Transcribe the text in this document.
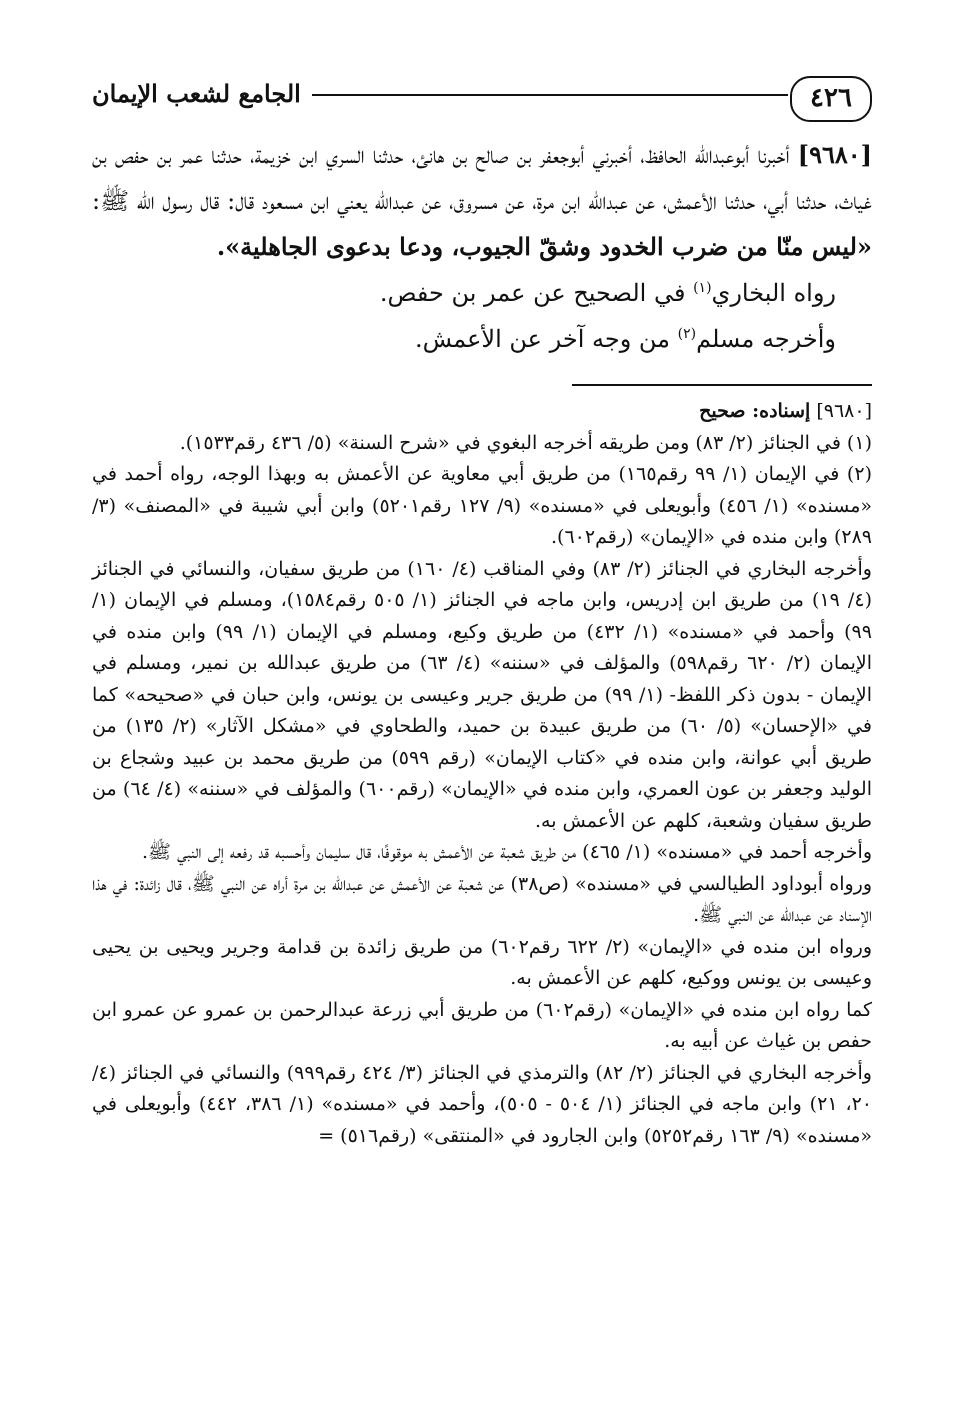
٤٢٦
الجامع لشعب الإيمان
[٩٦٨٠] أخبرنا أبوعبدالله الحافظ، أخبرني أبوجعفر بن صالح بن هانئ، حدثنا السري ابن خزيمة، حدثنا عمر بن حفص بن غياث، حدثنا أبي، حدثنا الأعمش، عن عبدالله ابن مرة، عن مسروق، عن عبدالله يعني ابن مسعود قال: قال رسول الله ﷺ: «ليس منّا من ضرب الخدود وشقّ الجيوب، ودعا بدعوى الجاهلية».

رواه البخاري$^{(١)}$ في الصحيح عن عمر بن حفص.

وأخرجه مسلم$^{(٢)}$ من وجه آخر عن الأعمش.

[٩٦٨٠] إسناده: صحيح

(١) في الجنائز (٢/ ٨٣) ومن طريقه أخرجه البغوي في «شرح السنة» (٥/ ٤٣٦ رقم١٥٣٣).

(٢) في الإيمان (١/ ٩٩ رقم١٦٥) من طريق أبي معاوية عن الأعمش به وبهذا الوجه، رواه أحمد في «مسنده» (١/ ٤٥٦) وأبويعلى في «مسنده» (٩/ ١٢٧ رقم٥٢٠١) وابن أبي شيبة في «المصنف» (٣/ ٢٨٩) وابن منده في «الإيمان» (رقم٦٠٢).

وأخرجه البخاري في الجنائز (٢/ ٨٣) وفي المناقب (٤/ ١٦٠) من طريق سفيان، والنسائي في الجنائز (٤/ ١٩) من طريق ابن إدريس، وابن ماجه في الجنائز (١/ ٥٠٥ رقم١٥٨٤)، ومسلم في الإيمان (١/ ٩٩) وأحمد في «مسنده» (١/ ٤٣٢) من طريق وكيع، ومسلم في الإيمان (١/ ٩٩) وابن منده في الإيمان (٢/ ٦٢٠ رقم٥٩٨) والمؤلف في «سننه» (٤/ ٦٣) من طريق عبدالله بن نمير، ومسلم في الإيمان - بدون ذكر اللفظ- (١/ ٩٩) من طريق جرير وعيسى بن يونس، وابن حبان في «صحيحه» كما في «الإحسان» (٥/ ٦٠) من طريق عبيدة بن حميد، والطحاوي في «مشكل الآثار» (٢/ ١٣٥) من طريق أبي عوانة، وابن منده في «كتاب الإيمان» (رقم ٥٩٩) من طريق محمد بن عبيد وشجاع بن الوليد وجعفر بن عون العمري، وابن منده في «الإيمان» (رقم٦٠٠) والمؤلف في «سننه» (٤/ ٦٤) من طريق سفيان وشعبة، كلهم عن الأعمش به.

وأخرجه أحمد في «مسنده» (١/ ٤٦٥) من طريق شعبة عن الأعمش به موقوفًا، قال سليمان وأحسبه قد رفعه إلى النبي ﷺ.

ورواه أبوداود الطيالسي في «مسنده» (ص٣٨) عن شعبة عن الأعمش عن عبدالله بن مرة أراه عن النبي ﷺ، قال زائدة: في هذا الإسناد عن عبدالله عن النبي ﷺ.

ورواه ابن منده في «الإيمان» (٢/ ٦٢٢ رقم٦٠٢) من طريق زائدة بن قدامة وجرير ويحيى بن يحيى وعيسى بن يونس ووكيع، كلهم عن الأعمش به.

كما رواه ابن منده في «الإيمان» (رقم٦٠٢) من طريق أبي زرعة عبدالرحمن بن عمرو عن عمرو ابن حفص بن غياث عن أبيه به.

وأخرجه البخاري في الجنائز (٢/ ٨٢) والترمذي في الجنائز (٣/ ٤٢٤ رقم٩٩٩) والنسائي في الجنائز (٤/ ٢٠، ٢١) وابن ماجه في الجنائز (١/ ٥٠٤ - ٥٠٥)، وأحمد في «مسنده» (١/ ٣٨٦، ٤٤٢) وأبويعلى في «مسنده» (٩/ ١٦٣ رقم٥٢٥٢) وابن الجارود في «المنتقى» (رقم٥١٦) =
